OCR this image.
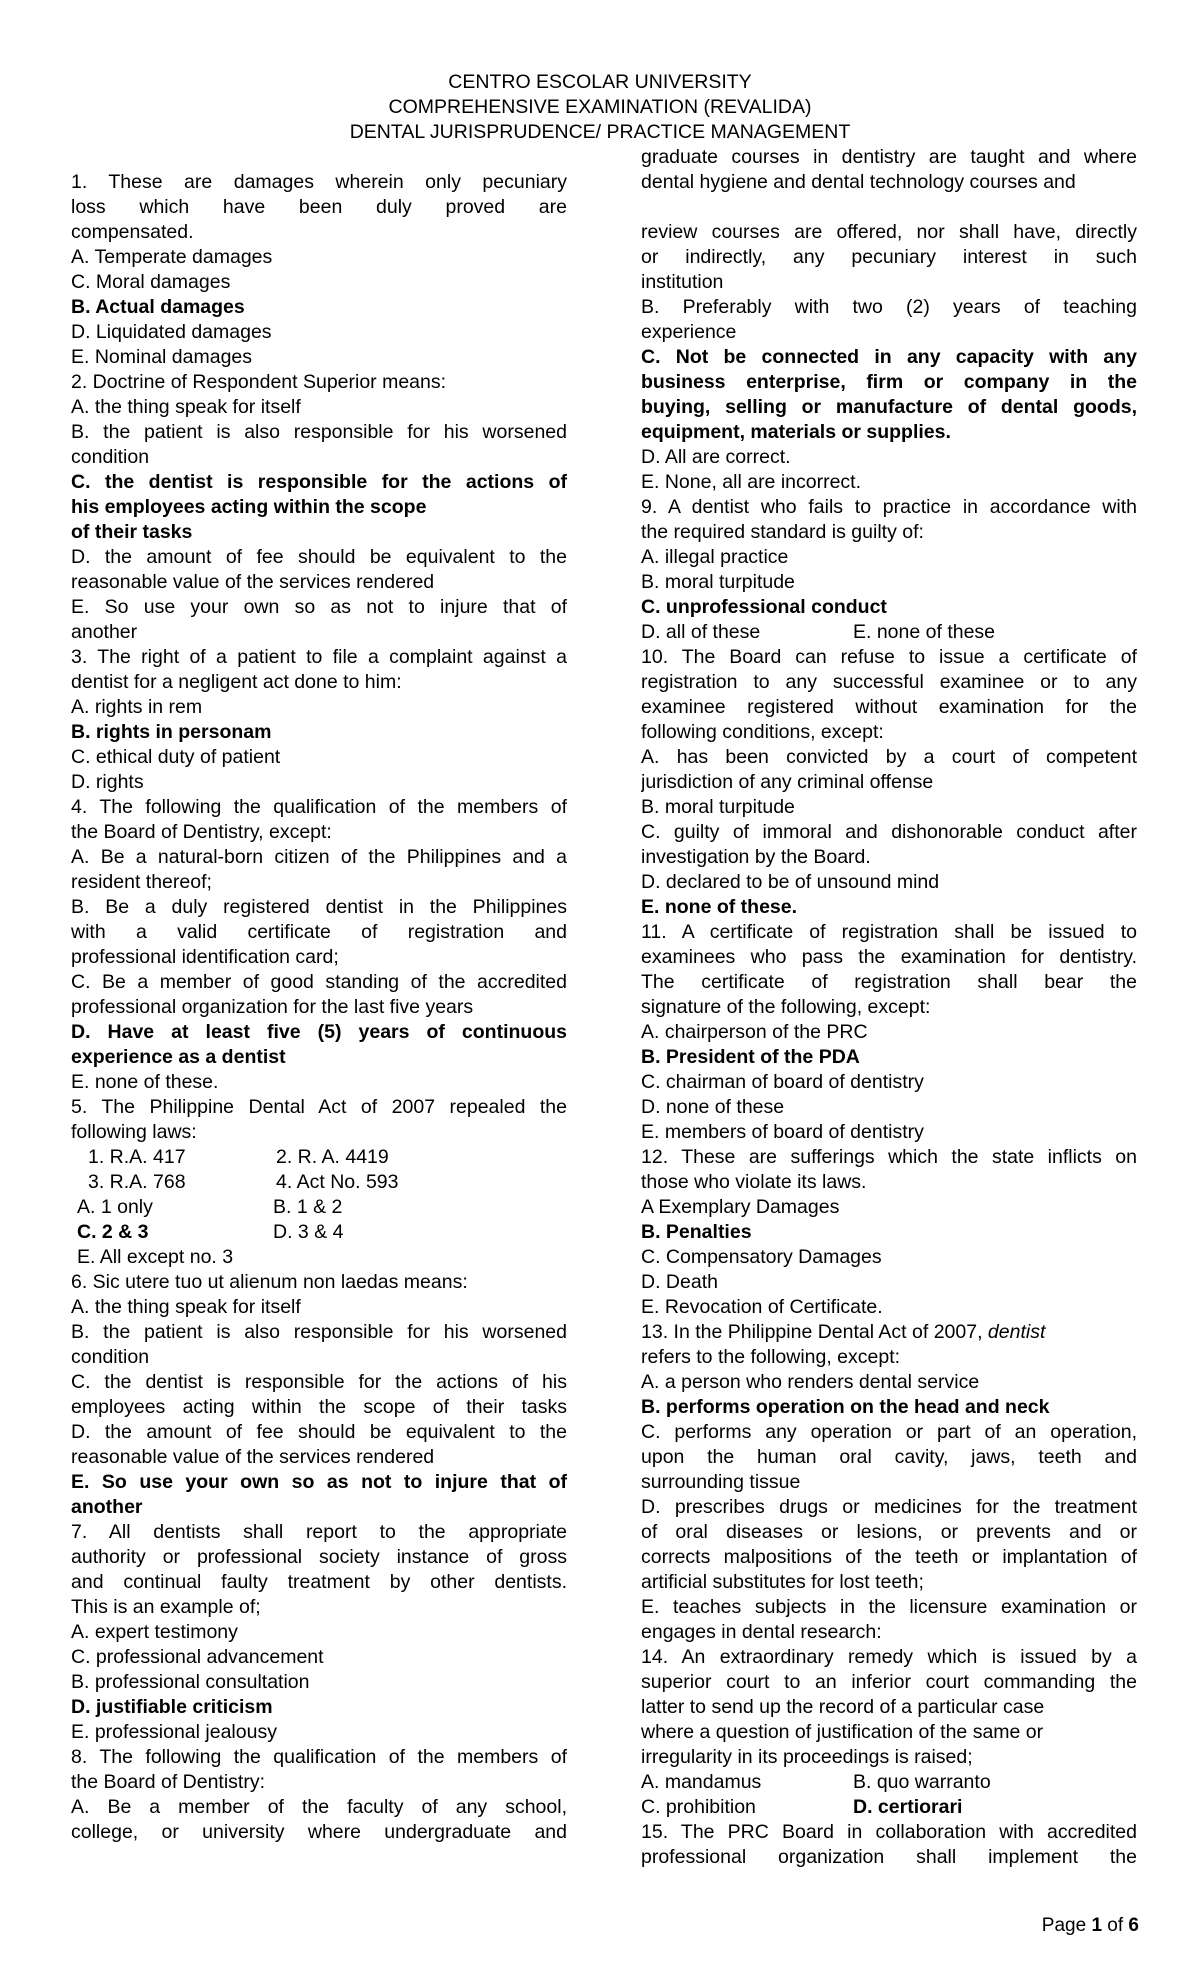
CENTRO ESCOLAR UNIVERSITY
COMPREHENSIVE EXAMINATION (REVALIDA)
DENTAL JURISPRUDENCE/ PRACTICE MANAGEMENT
1. These are damages wherein only pecuniary
loss which have been duly proved are
compensated.
A. Temperate damages
C. Moral damages
B. Actual damages
D. Liquidated damages
E. Nominal damages
2. Doctrine of Respondent Superior means:
A. the thing speak for itself
B. the patient is also responsible for his worsened
condition
C. the dentist is responsible for the actions of
his employees acting within the scope
of their tasks
D. the amount of fee should be equivalent to the
reasonable value of the services rendered
E. So use your own so as not to injure that of
another
3. The right of a patient to file a complaint against a
dentist for a negligent act done to him:
A. rights in rem
B. rights in personam
C. ethical duty of patient
D. rights
4. The following the qualification of the members of
the Board of Dentistry, except:
A. Be a natural-born citizen of the Philippines and a
resident thereof;
B. Be a duly registered dentist in the Philippines
with a valid certificate of registration and
professional identification card;
C. Be a member of good standing of the accredited
professional organization for the last five years
D. Have at least five (5) years of continuous
experience as a dentist
E. none of these.
5. The Philippine Dental Act of 2007 repealed the
following laws:
1. R.A. 417	2. R. A. 4419
3. R.A. 768	4. Act No. 593
A. 1 only	B. 1 & 2
C. 2 & 3	D. 3 & 4
E. All except no. 3
6. Sic utere tuo ut alienum non laedas means:
A. the thing speak for itself
B. the patient is also responsible for his worsened
condition
C. the dentist is responsible for the actions of his
employees acting within the scope of their tasks
D. the amount of fee should be equivalent to the
reasonable value of the services rendered
E. So use your own so as not to injure that of
another
7. All dentists shall report to the appropriate
authority or professional society instance of gross
and continual faulty treatment by other dentists.
This is an example of;
A. expert testimony
C. professional advancement
B. professional consultation
D. justifiable criticism
E. professional jealousy
8. The following the qualification of the members of
the Board of Dentistry:
A. Be a member of the faculty of any school,
college, or university where undergraduate and
graduate courses in dentistry are taught and where
dental hygiene and dental technology courses and
review courses are offered, nor shall have, directly
or indirectly, any pecuniary interest in such
institution
B. Preferably with two (2) years of teaching
experience
C. Not be connected in any capacity with any
business enterprise, firm or company in the
buying, selling or manufacture of dental goods,
equipment, materials or supplies.
D. All are correct.
E. None, all are incorrect.
9. A dentist who fails to practice in accordance with
the required standard is guilty of:
A. illegal practice
B. moral turpitude
C. unprofessional conduct
D. all of these	E. none of these
10. The Board can refuse to issue a certificate of
registration to any successful examinee or to any
examinee registered without examination for the
following conditions, except:
A. has been convicted by a court of competent
jurisdiction of any criminal offense
B. moral turpitude
C. guilty of immoral and dishonorable conduct after
investigation by the Board.
D. declared to be of unsound mind
E. none of these.
11. A certificate of registration shall be issued to
examinees who pass the examination for dentistry.
The certificate of registration shall bear the
signature of the following, except:
A. chairperson of the PRC
B. President of the PDA
C. chairman of board of dentistry
D. none of these
E. members of board of dentistry
12. These are sufferings which the state inflicts on
those who violate its laws.
A Exemplary Damages
B. Penalties
C. Compensatory Damages
D. Death
E. Revocation of Certificate.
13. In the Philippine Dental Act of 2007, dentist
refers to the following, except:
A. a person who renders dental service
B. performs operation on the head and neck
C. performs any operation or part of an operation,
upon the human oral cavity, jaws, teeth and
surrounding tissue
D. prescribes drugs or medicines for the treatment
of oral diseases or lesions, or prevents and or
corrects malpositions of the teeth or implantation of
artificial substitutes for lost teeth;
E. teaches subjects in the licensure examination or
engages in dental research:
14. An extraordinary remedy which is issued by a
superior court to an inferior court commanding the
latter to send up the record of a particular case
where a question of justification of the same or
irregularity in its proceedings is raised;
A. mandamus	B. quo warranto
C. prohibition	D. certiorari
15. The PRC Board in collaboration with accredited
professional organization shall implement the
Page 1 of 6
